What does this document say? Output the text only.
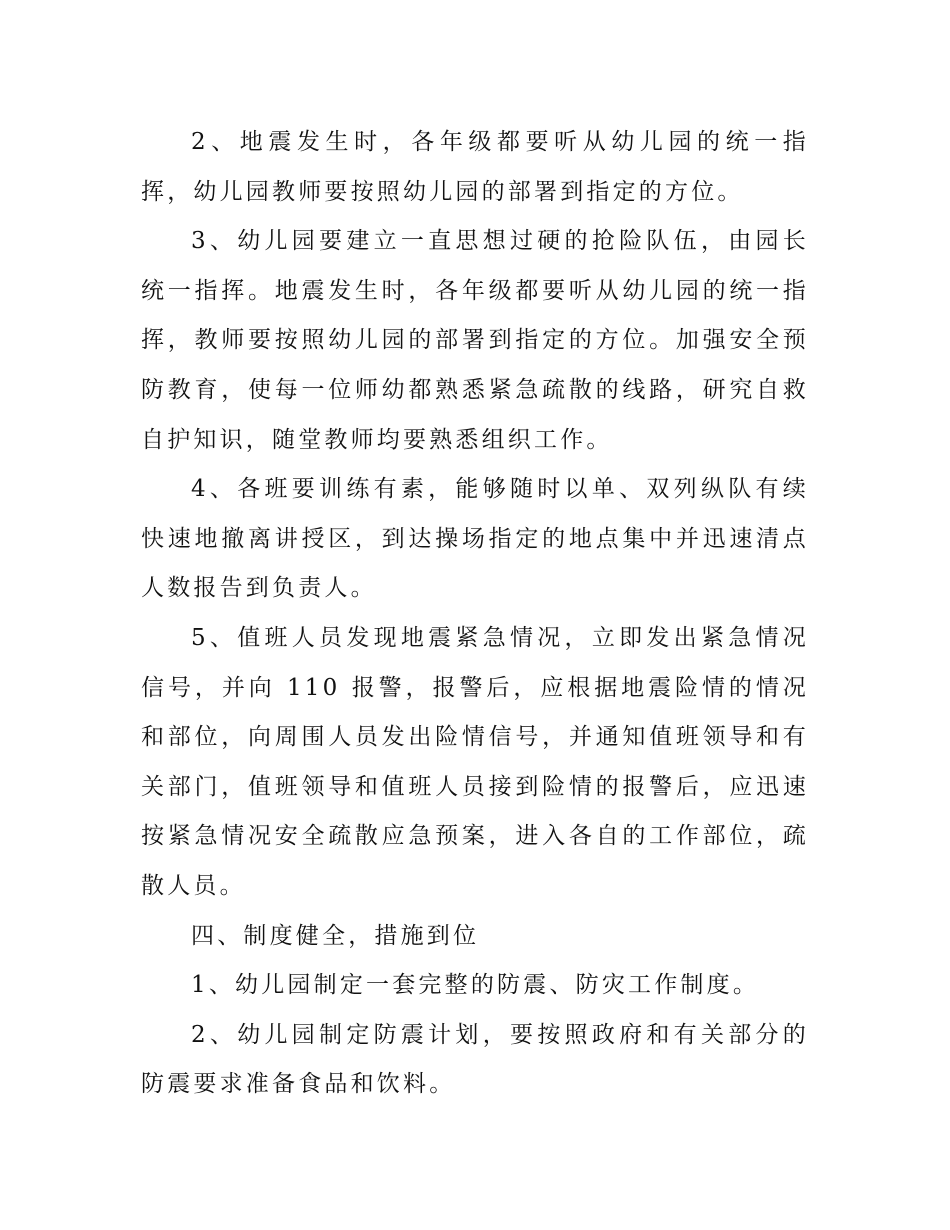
2、地震发生时，各年级都要听从幼儿园的统一指挥，幼儿园教师要按照幼儿园的部署到指定的方位。

3、幼儿园要建立一直思想过硬的抢险队伍，由园长统一指挥。地震发生时，各年级都要听从幼儿园的统一指挥，教师要按照幼儿园的部署到指定的方位。加强安全预防教育，使每一位师幼都熟悉紧急疏散的线路，研究自救自护知识，随堂教师均要熟悉组织工作。

4、各班要训练有素，能够随时以单、双列纵队有续快速地撤离讲授区，到达操场指定的地点集中并迅速清点人数报告到负责人。

5、值班人员发现地震紧急情况，立即发出紧急情况信号，并向 110 报警，报警后，应根据地震险情的情况和部位，向周围人员发出险情信号，并通知值班领导和有关部门，值班领导和值班人员接到险情的报警后，应迅速按紧急情况安全疏散应急预案，进入各自的工作部位，疏散人员。

四、制度健全，措施到位

1、幼儿园制定一套完整的防震、防灾工作制度。

2、幼儿园制定防震计划，要按照政府和有关部分的防震要求准备食品和饮料。
